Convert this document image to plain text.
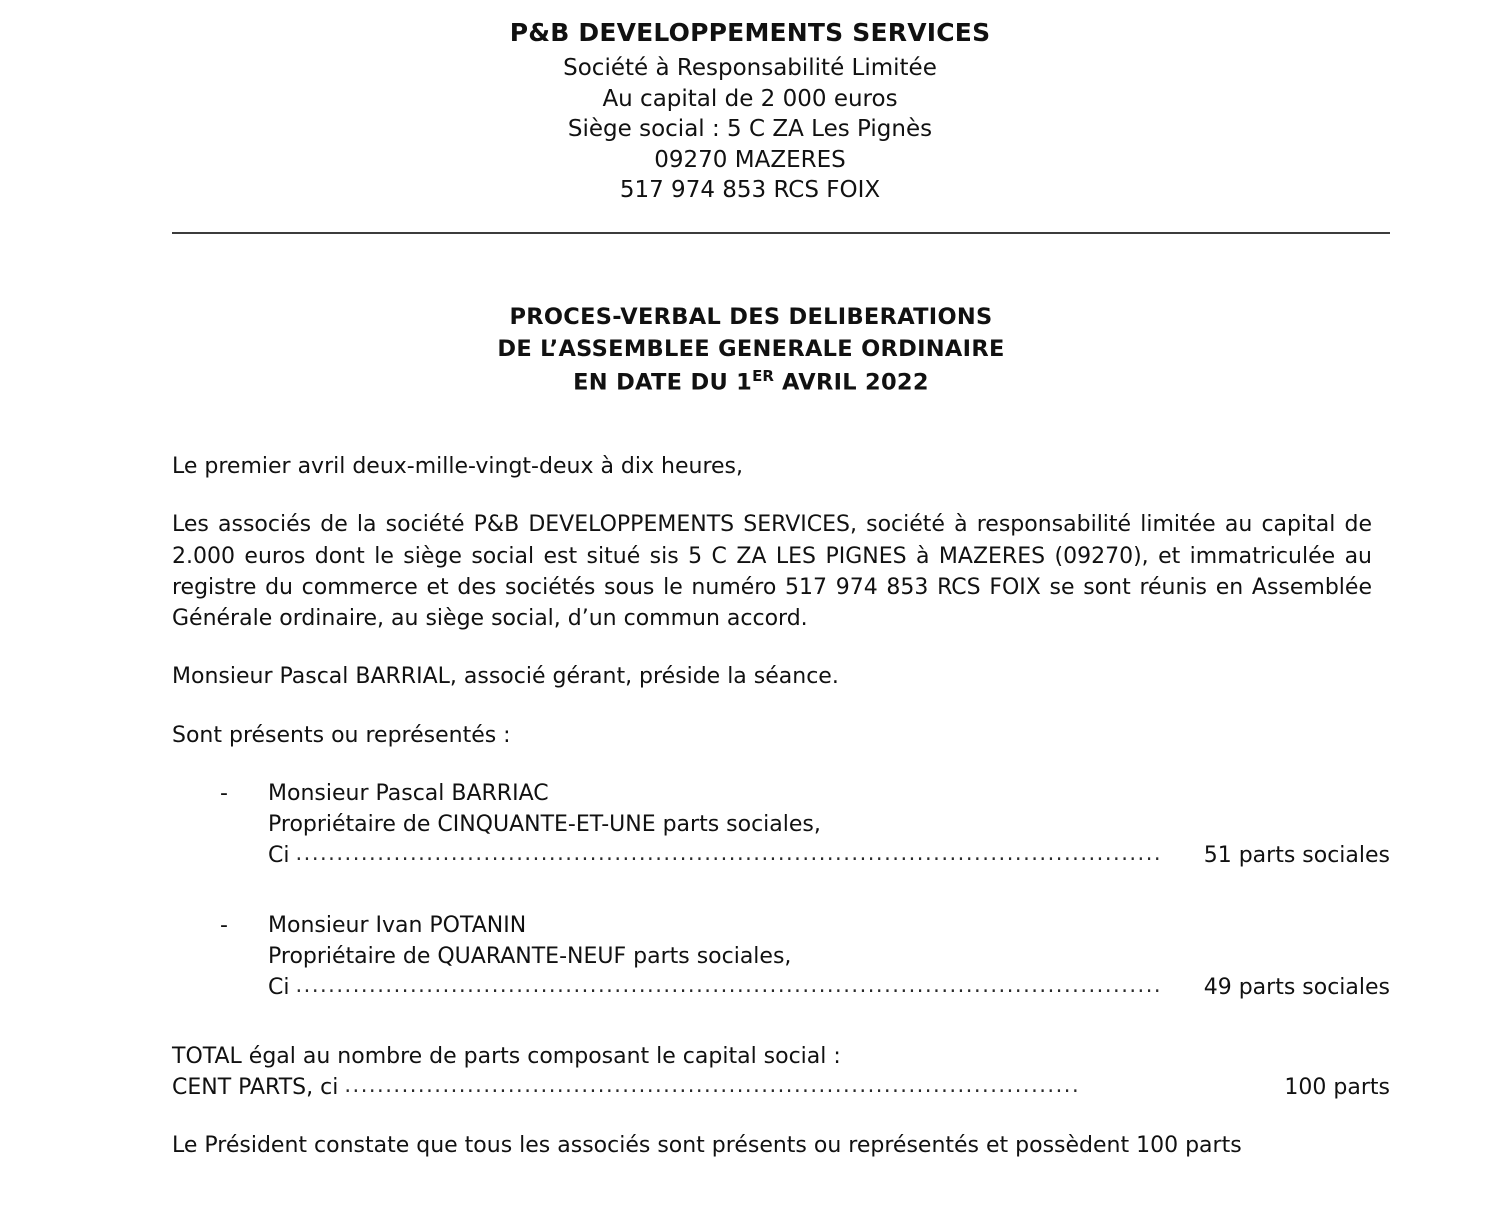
P&B DEVELOPPEMENTS SERVICES
Société à Responsabilité Limitée
Au capital de 2 000 euros
Siège social : 5 C ZA Les Pignès
09270 MAZERES
517 974 853 RCS FOIX
PROCES-VERBAL DES DELIBERATIONS
DE L’ASSEMBLEE GENERALE ORDINAIRE
EN DATE DU 1ER AVRIL 2022

Le premier avril deux-mille-vingt-deux à dix heures,

Les associés de la société P&B DEVELOPPEMENTS SERVICES, société à responsabilité limitée au capital de 2.000 euros dont le siège social est situé sis 5 C ZA LES PIGNES à MAZERES (09270), et immatriculée au registre du commerce et des sociétés sous le numéro 517 974 853 RCS FOIX se sont réunis en Assemblée Générale ordinaire, au siège social, d’un commun accord.

Monsieur Pascal BARRIAL, associé gérant, préside la séance.

Sont présents ou représentés :

- Monsieur Pascal BARRIAC
Propriétaire de CINQUANTE-ET-UNE parts sociales,
Ci ..........................................................................................................	51 parts sociales
- Monsieur Ivan POTANIN
Propriétaire de QUARANTE-NEUF parts sociales,
Ci ..........................................................................................................	49 parts sociales
TOTAL égal au nombre de parts composant le capital social :
CENT PARTS, ci ..........................................................................................	100 parts

Le Président constate que tous les associés sont présents ou représentés et possèdent 100 parts
